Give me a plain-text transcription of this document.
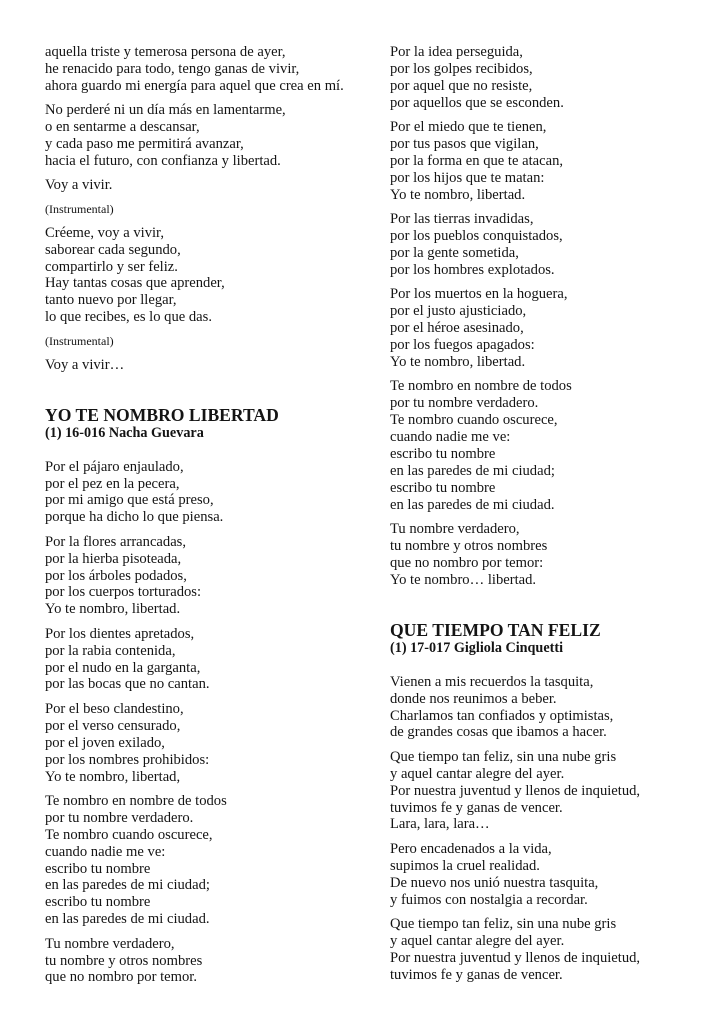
aquella triste y temerosa persona de ayer,
he renacido para todo, tengo ganas de vivir,
ahora guardo mi energía para aquel que crea en mí.
No perderé ni un día más en lamentarme,
o en sentarme a descansar,
y cada paso me permitirá avanzar,
hacia el futuro, con confianza y libertad.
Voy a vivir.
(Instrumental)
Créeme, voy a vivir,
saborear cada segundo,
compartirlo y ser feliz.
Hay tantas cosas que aprender,
tanto nuevo por llegar,
lo que recibes, es lo que das.
(Instrumental)
Voy a vivir…
YO TE NOMBRO LIBERTAD
(1) 16-016 Nacha Guevara
Por el pájaro enjaulado,
por el pez en la pecera,
por mi amigo que está preso,
porque ha dicho lo que piensa.
Por la flores arrancadas,
por la hierba pisoteada,
por los árboles podados,
por los cuerpos torturados:
Yo te nombro, libertad.
Por los dientes apretados,
por la rabia contenida,
por el nudo en la garganta,
por las bocas que no cantan.
Por el beso clandestino,
por el verso censurado,
por el joven exilado,
por los nombres prohibidos:
Yo te nombro, libertad,
Te nombro en nombre de todos
por tu nombre verdadero.
Te nombro cuando oscurece,
cuando nadie me ve:
escribo tu nombre
en las paredes de mi ciudad;
escribo tu nombre
en las paredes de mi ciudad.
Tu nombre verdadero,
tu nombre y otros nombres
que no nombro por temor.
Por la idea perseguida,
por los golpes recibidos,
por aquel que no resiste,
por aquellos que se esconden.
Por el miedo que te tienen,
por tus pasos que vigilan,
por la forma en que te atacan,
por los hijos que te matan:
Yo te nombro, libertad.
Por las tierras invadidas,
por los pueblos conquistados,
por la gente sometida,
por los hombres explotados.
Por los muertos en la hoguera,
por el justo ajusticiado,
por el héroe asesinado,
por los fuegos apagados:
Yo te nombro, libertad.
Te nombro en nombre de todos
por tu nombre verdadero.
Te nombro cuando oscurece,
cuando nadie me ve:
escribo tu nombre
en las paredes de mi ciudad;
escribo tu nombre
en las paredes de mi ciudad.
Tu nombre verdadero,
tu nombre y otros nombres
que no nombro por temor:
Yo te nombro… libertad.
QUE TIEMPO TAN FELIZ
(1) 17-017 Gigliola Cinquetti
Vienen a mis recuerdos la tasquita,
donde nos reunimos a beber.
Charlamos tan confiados y optimistas,
de grandes cosas que ibamos a hacer.
Que tiempo tan feliz, sin una nube gris
y aquel cantar alegre del ayer.
Por nuestra juventud y llenos de inquietud,
tuvimos fe y ganas de vencer.
Lara, lara, lara…
Pero encadenados a la vida,
supimos la cruel realidad.
De nuevo nos unió nuestra tasquita,
y fuimos con nostalgia a recordar.
Que tiempo tan feliz, sin una nube gris
y aquel cantar alegre del ayer.
Por nuestra juventud y llenos de inquietud,
tuvimos fe y ganas de vencer.
